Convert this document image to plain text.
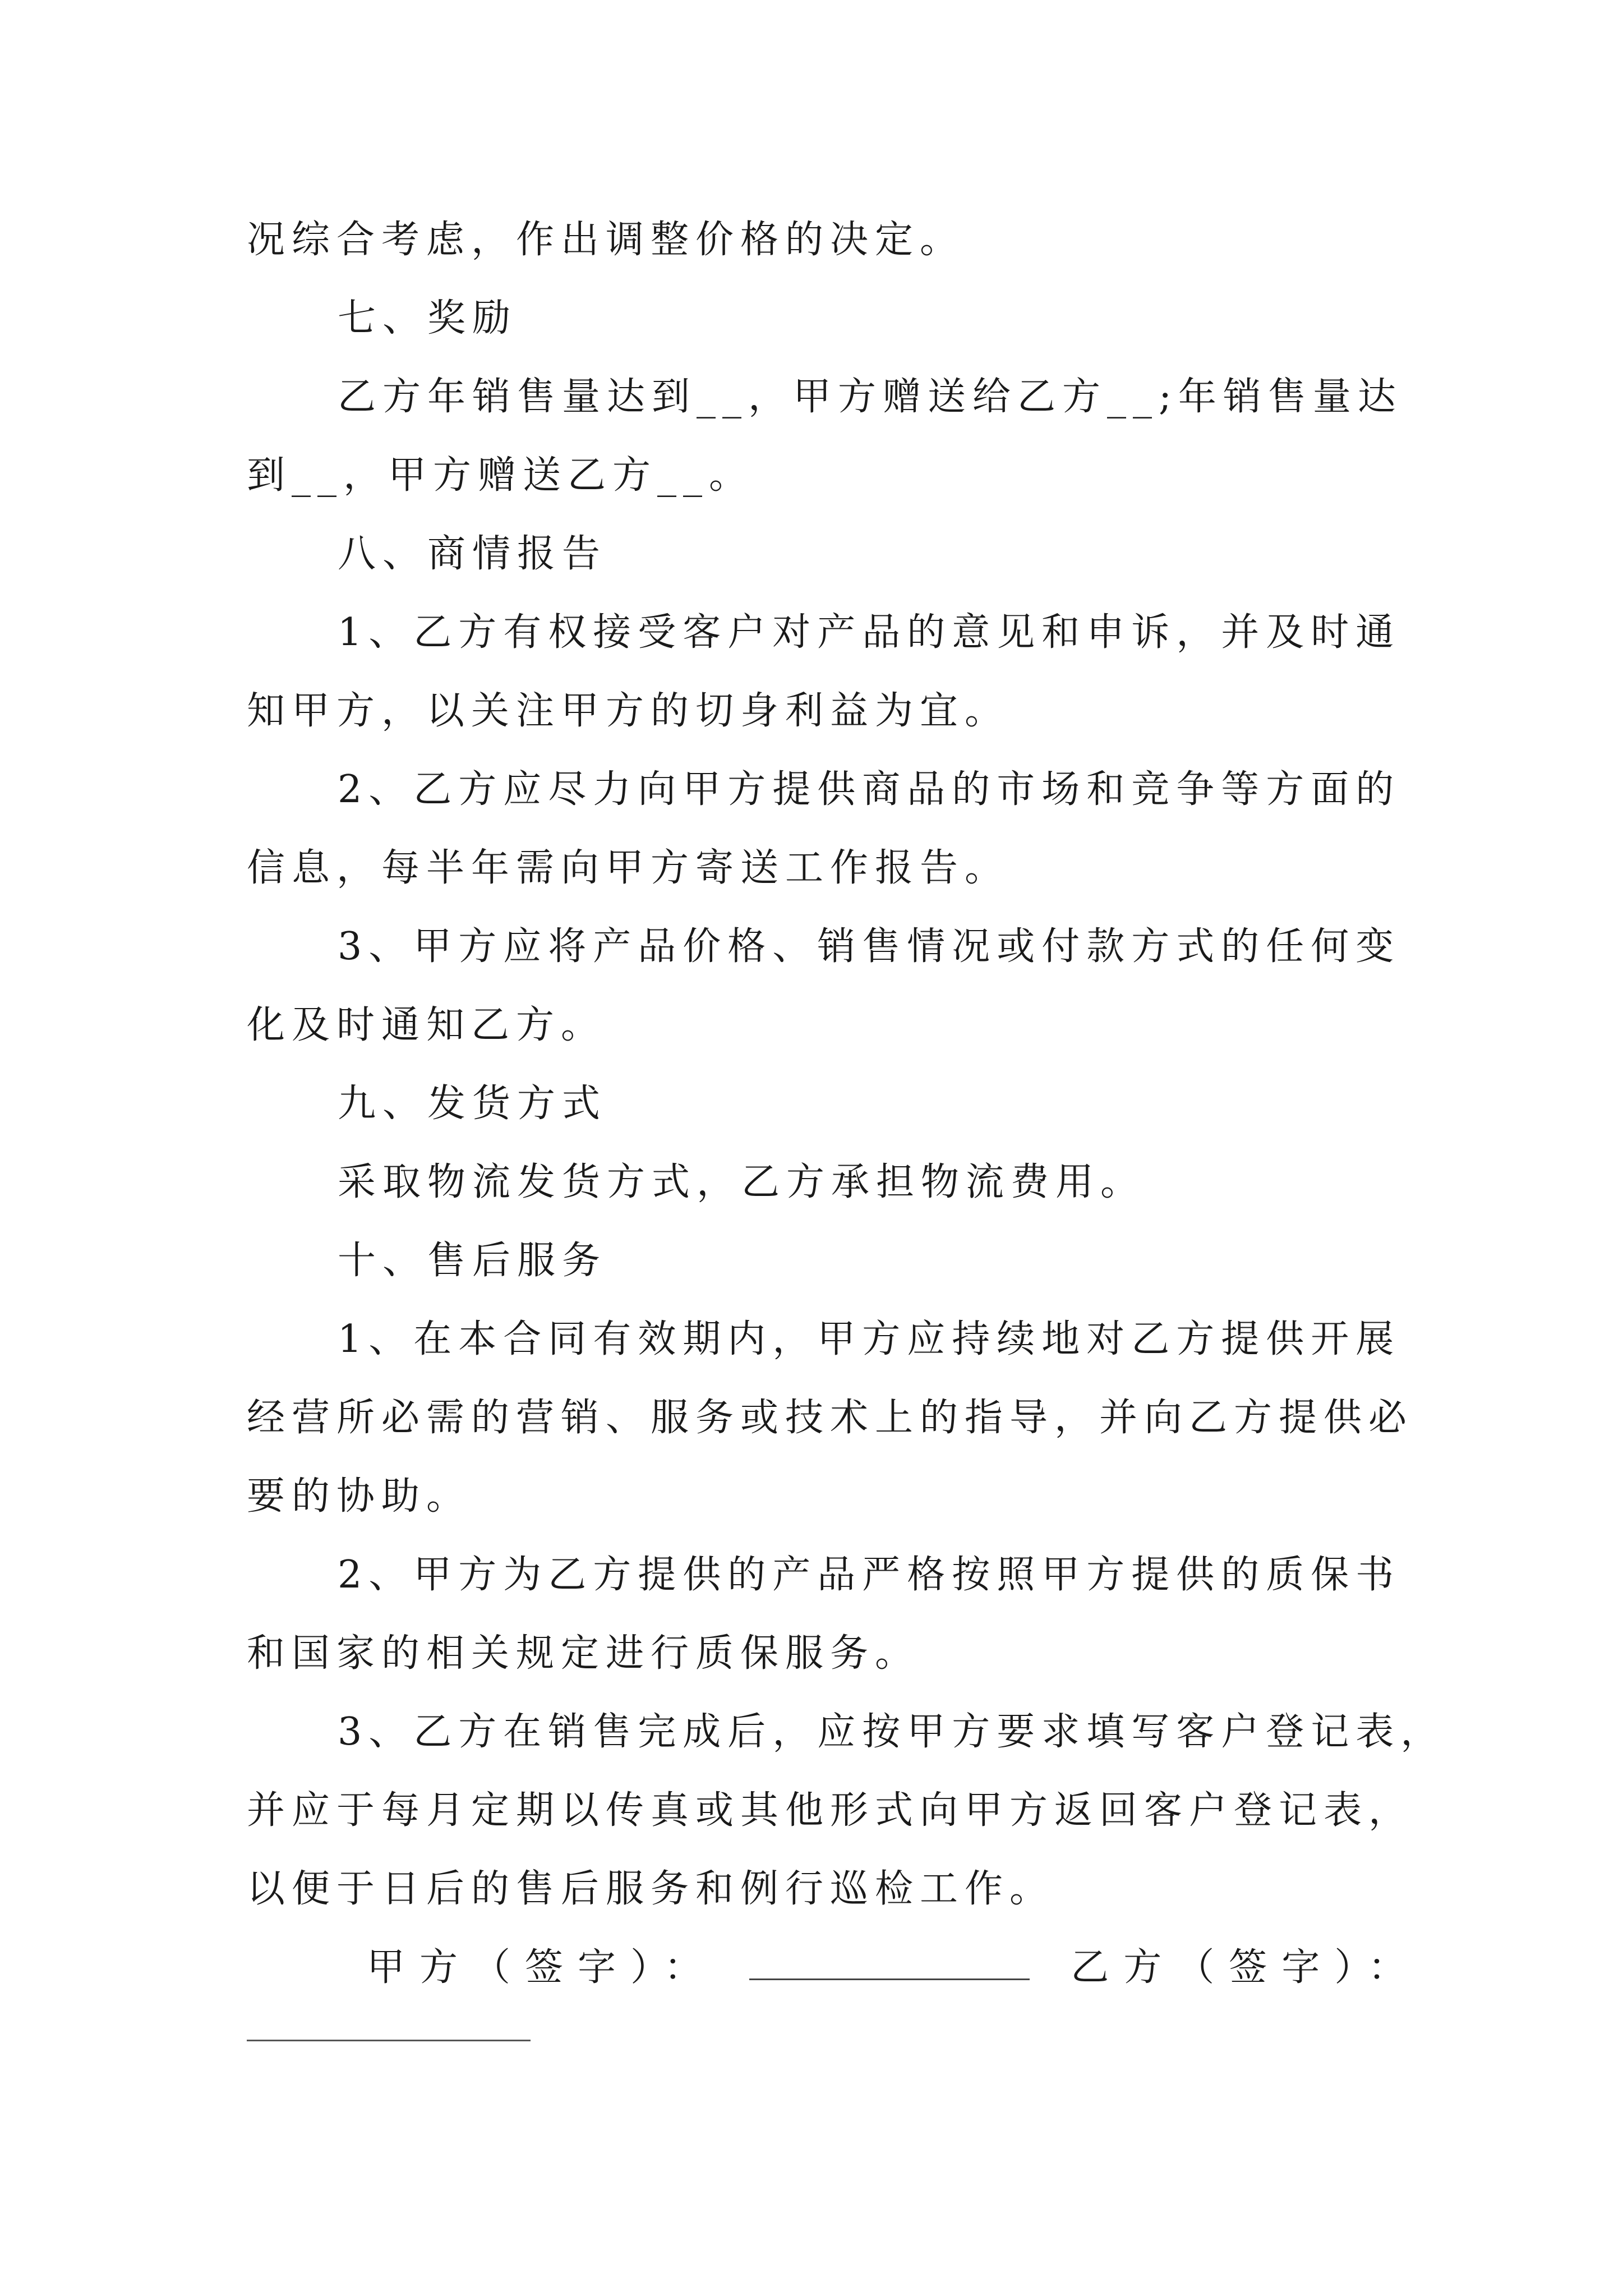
况综合考虑，作出调整价格的决定。

七、奖励

乙方年销售量达到__，甲方赠送给乙方__;年销售量达

到__，甲方赠送乙方__。

八、商情报告

1、乙方有权接受客户对产品的意见和申诉，并及时通

知甲方，以关注甲方的切身利益为宜。

2、乙方应尽力向甲方提供商品的市场和竞争等方面的

信息，每半年需向甲方寄送工作报告。

3、甲方应将产品价格、销售情况或付款方式的任何变

化及时通知乙方。

九、发货方式

采取物流发货方式，乙方承担物流费用。

十、售后服务

1、在本合同有效期内，甲方应持续地对乙方提供开展

经营所必需的营销、服务或技术上的指导，并向乙方提供必

要的协助。

2、甲方为乙方提供的产品严格按照甲方提供的质保书

和国家的相关规定进行质保服务。

3、乙方在销售完成后，应按甲方要求填写客户登记表，

并应于每月定期以传真或其他形式向甲方返回客户登记表，

以便于日后的售后服务和例行巡检工作。

甲方（签字）：	乙方（签字）：
